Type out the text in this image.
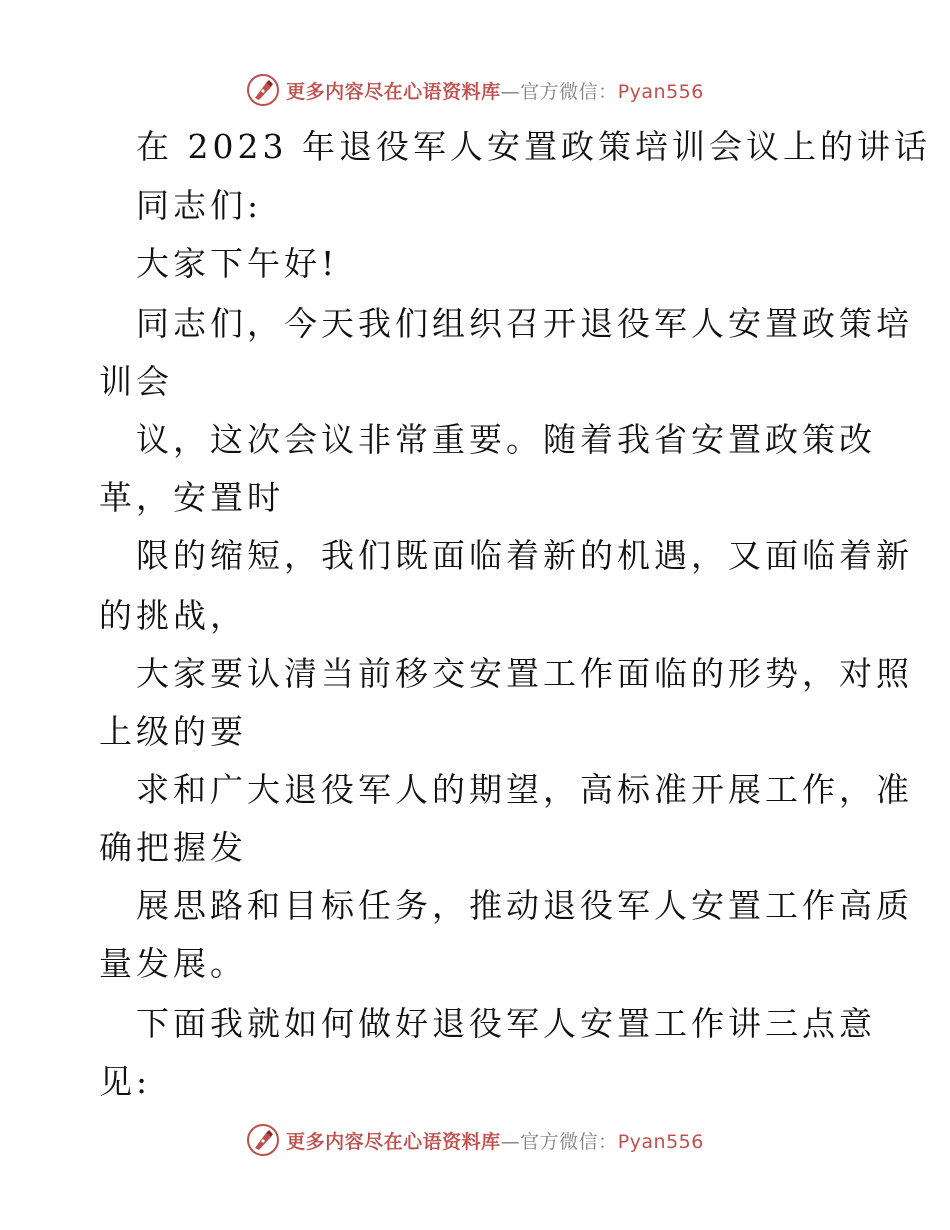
更多内容尽在心语资料库—官方微信：Pyan556
在 2023 年退役军人安置政策培训会议上的讲话
同志们:
大家下午好!
同志们，今天我们组织召开退役军人安置政策培
训会
议，这次会议非常重要。随着我省安置政策改
革，安置时
限的缩短，我们既面临着新的机遇，又面临着新
的挑战，
大家要认清当前移交安置工作面临的形势，对照
上级的要
求和广大退役军人的期望，高标准开展工作，准
确把握发
展思路和目标任务，推动退役军人安置工作高质
量发展。
下面我就如何做好退役军人安置工作讲三点意
见:
更多内容尽在心语资料库—官方微信：Pyan556
